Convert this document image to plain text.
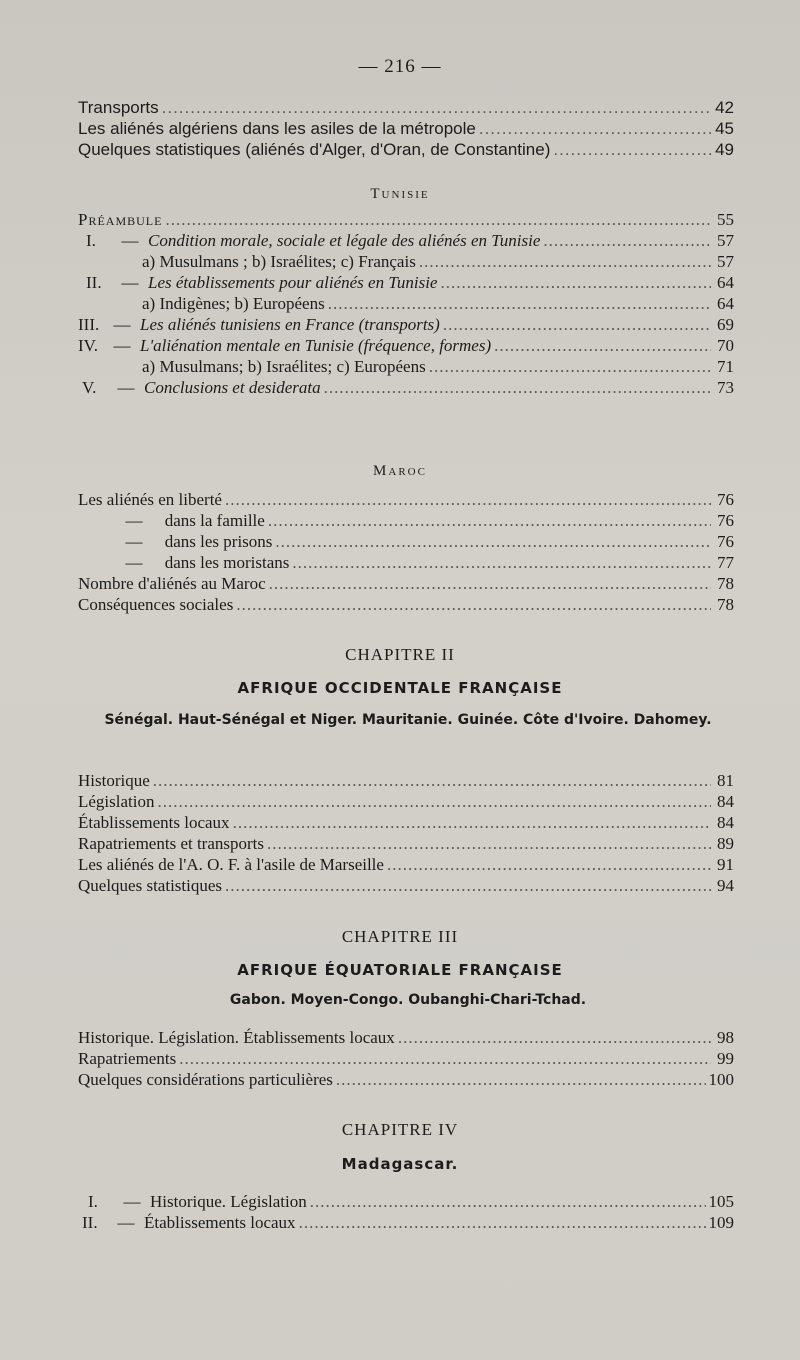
— 216 —
Transports .....	42
Les aliénés algériens dans les asiles de la métropole .....	45
Quelques statistiques (aliénés d'Alger, d'Oran, de Constantine) .....	49
Tunisie
Préambule .....	55
I. — Condition morale, sociale et légale des aliénés en Tunisie .....	57
a) Musulmans ; b) Israélites; c) Français .....	57
II. — Les établissements pour aliénés en Tunisie .....	64
a) Indigènes; b) Européens .....	64
III. — Les aliénés tunisiens en France (transports) .....	69
IV. — L'aliénation mentale en Tunisie (fréquence, formes) .....	70
a) Musulmans; b) Israélites; c) Européens .....	71
V. — Conclusions et desiderata .....	73
Maroc
Les aliénés en liberté .....	76
— dans la famille .....	76
— dans les prisons .....	76
— dans les moristans .....	77
Nombre d'aliénés au Maroc .....	78
Conséquences sociales .....	78
CHAPITRE II
AFRIQUE OCCIDENTALE FRANÇAISE
Sénégal. Haut-Sénégal et Niger. Mauritanie. Guinée. Côte d'Ivoire. Dahomey.
Historique .....	81
Législation .....	84
Établissements locaux .....	84
Rapatriements et transports .....	89
Les aliénés de l'A. O. F. à l'asile de Marseille .....	91
Quelques statistiques .....	94
CHAPITRE III
AFRIQUE ÉQUATORIALE FRANÇAISE
Gabon. Moyen-Congo. Oubanghi-Chari-Tchad.
Historique. Législation. Établissements locaux .....	98
Rapatriements .....	99
Quelques considérations particulières .....	100
CHAPITRE IV
Madagascar.
I. — Historique. Législation .....	105
II. — Établissements locaux .....	109
